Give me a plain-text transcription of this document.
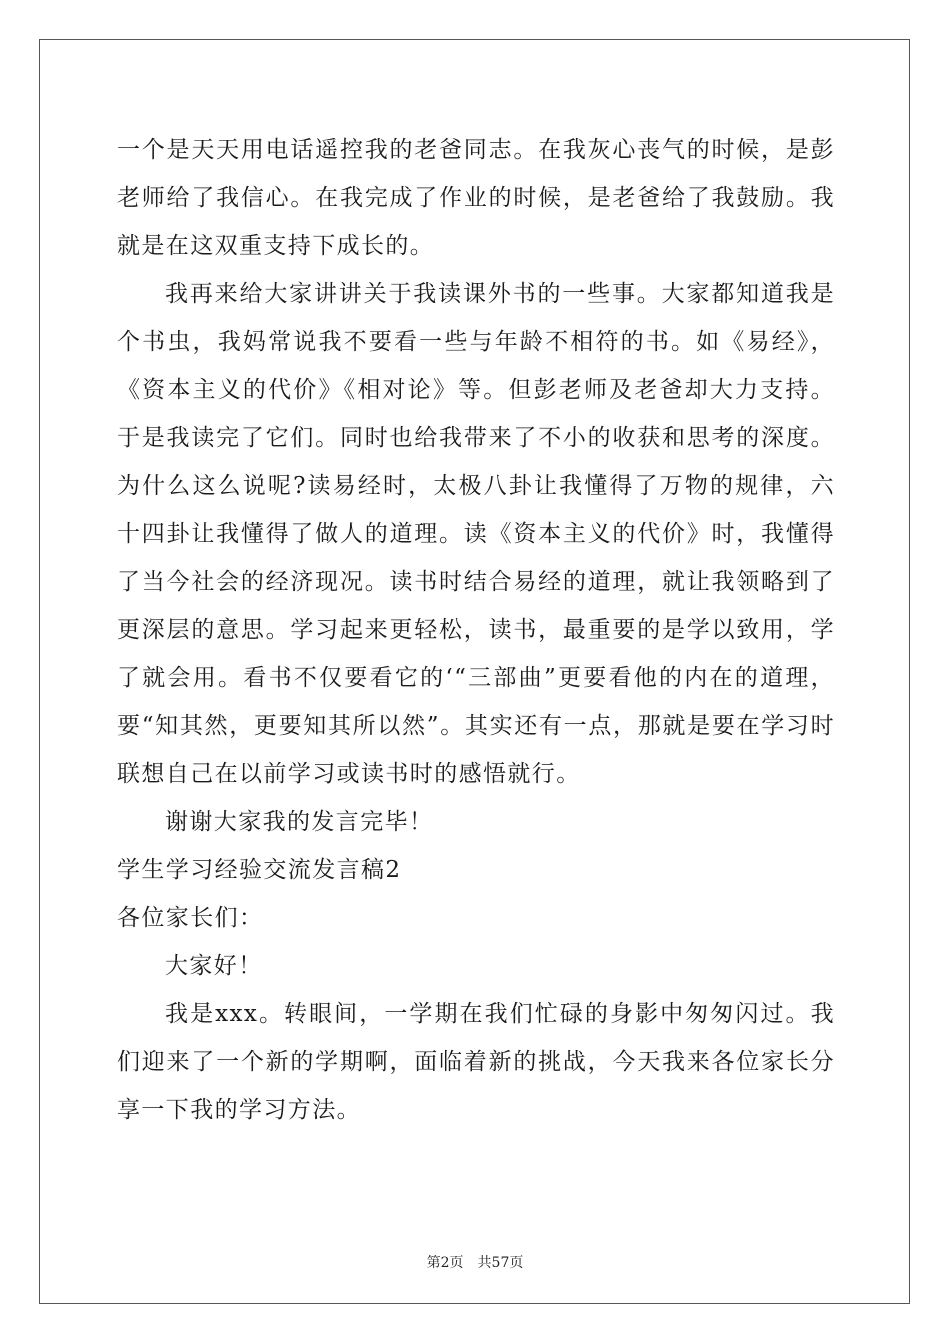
一个是天天用电话遥控我的老爸同志。在我灰心丧气的时候，是彭老师给了我信心。在我完成了作业的时候，是老爸给了我鼓励。我就是在这双重支持下成长的。

我再来给大家讲讲关于我读课外书的一些事。大家都知道我是个书虫，我妈常说我不要看一些与年龄不相符的书。如《易经》，《资本主义的代价》《相对论》等。但彭老师及老爸却大力支持。于是我读完了它们。同时也给我带来了不小的收获和思考的深度。为什么这么说呢?读易经时，太极八卦让我懂得了万物的规律，六十四卦让我懂得了做人的道理。读《资本主义的代价》时，我懂得了当今社会的经济现况。读书时结合易经的道理，就让我领略到了更深层的意思。学习起来更轻松，读书，最重要的是学以致用，学了就会用。看书不仅要看它的‘“三部曲”更要看他的内在的道理，要“知其然，更要知其所以然”。其实还有一点，那就是要在学习时联想自己在以前学习或读书时的感悟就行。

谢谢大家我的发言完毕！

学生学习经验交流发言稿2

各位家长们：

大家好！

我是xxx。转眼间，一学期在我们忙碌的身影中匆匆闪过。我们迎来了一个新的学期啊，面临着新的挑战，今天我来各位家长分享一下我的学习方法。

第2页 共57页
